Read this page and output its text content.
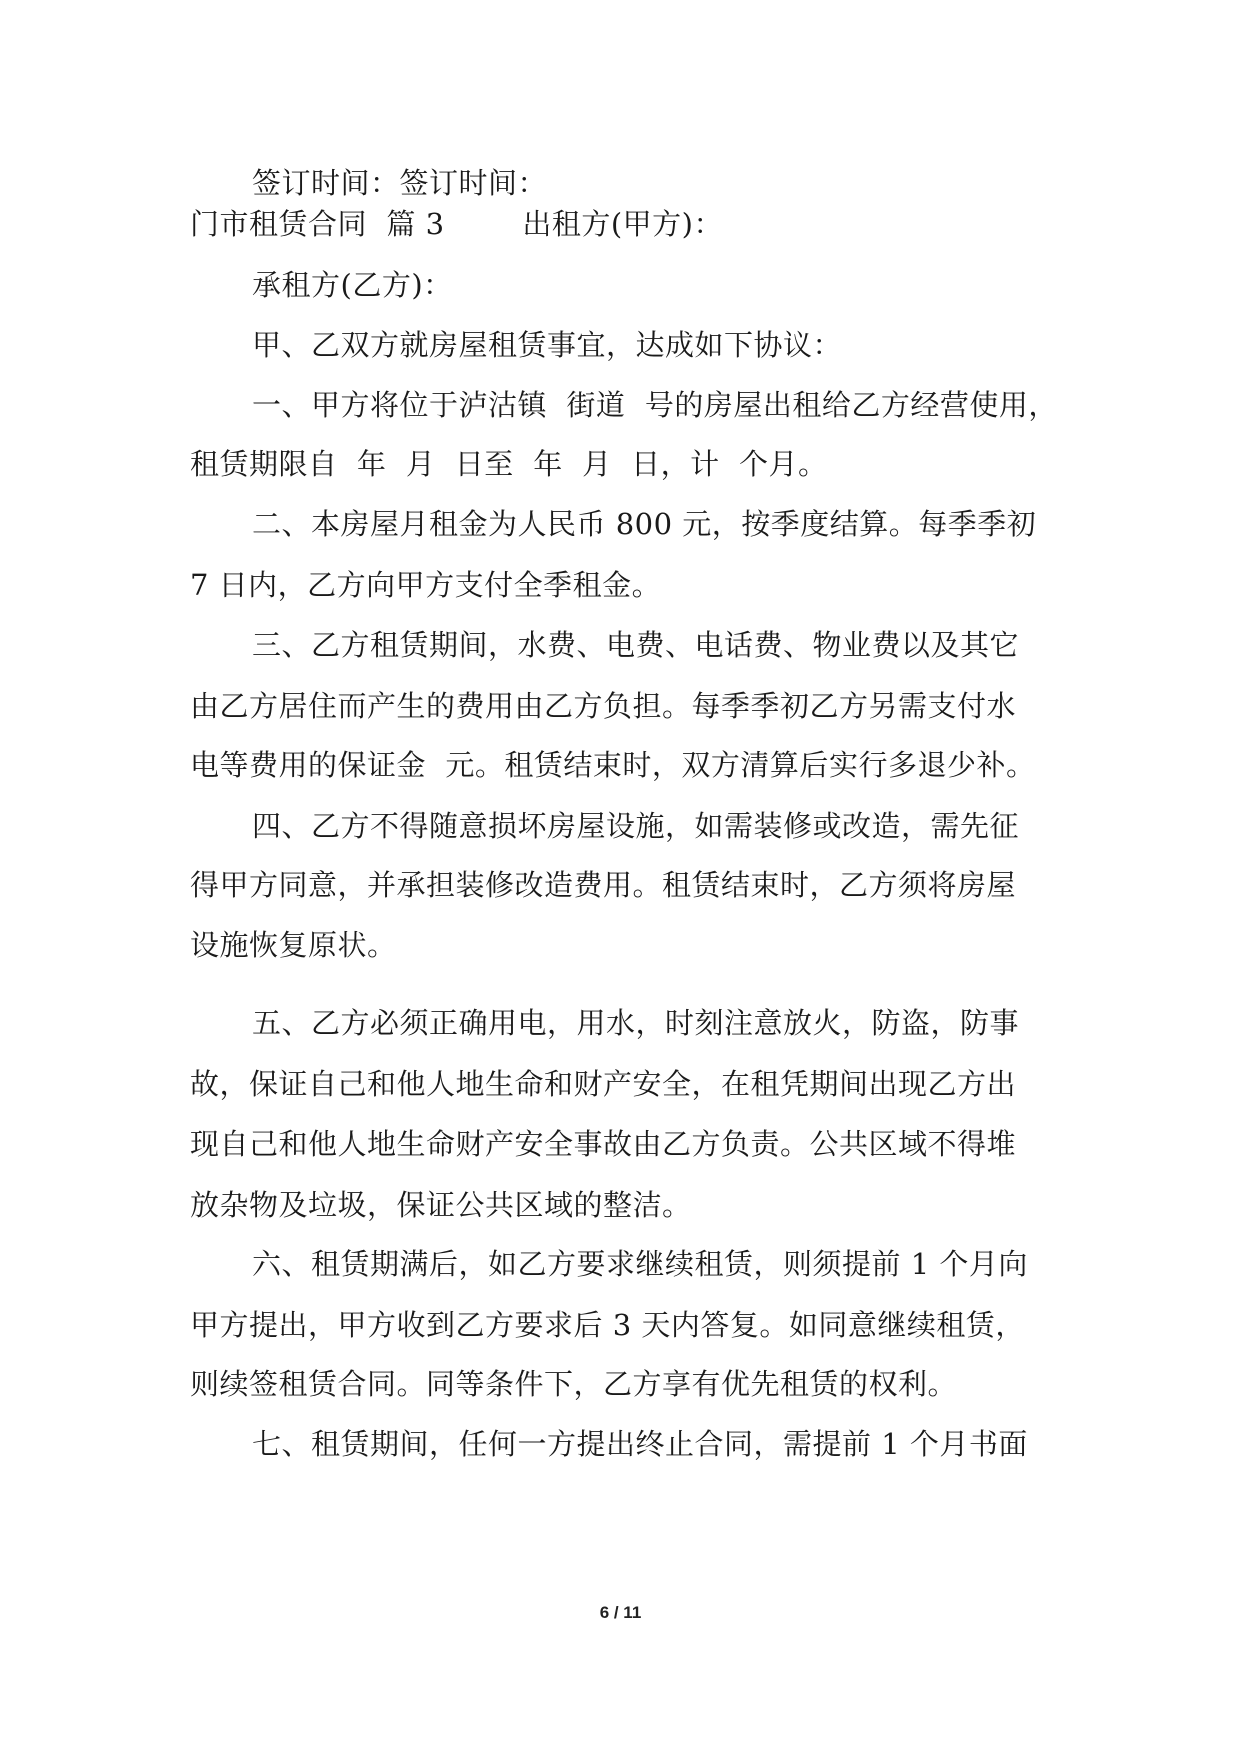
签订时间：签订时间：
门市租赁合同  篇 3        出租方(甲方)：
承租方(乙方)：
甲、乙双方就房屋租赁事宜，达成如下协议：
一、甲方将位于泸沽镇  街道  号的房屋出租给乙方经营使用，
租赁期限自  年  月  日至  年  月  日，计  个月。
二、本房屋月租金为人民币 800 元，按季度结算。每季季初
7 日内，乙方向甲方支付全季租金。
三、乙方租赁期间，水费、电费、电话费、物业费以及其它
由乙方居住而产生的费用由乙方负担。每季季初乙方另需支付水
电等费用的保证金  元。租赁结束时，双方清算后实行多退少补。
四、乙方不得随意损坏房屋设施，如需装修或改造，需先征
得甲方同意，并承担装修改造费用。租赁结束时，乙方须将房屋
设施恢复原状。
五、乙方必须正确用电，用水，时刻注意放火，防盗，防事
故，保证自己和他人地生命和财产安全，在租凭期间出现乙方出
现自己和他人地生命财产安全事故由乙方负责。公共区域不得堆
放杂物及垃圾，保证公共区域的整洁。
六、租赁期满后，如乙方要求继续租赁，则须提前 1 个月向
甲方提出，甲方收到乙方要求后 3 天内答复。如同意继续租赁，
则续签租赁合同。同等条件下，乙方享有优先租赁的权利。
七、租赁期间，任何一方提出终止合同，需提前 1 个月书面
6 / 11
